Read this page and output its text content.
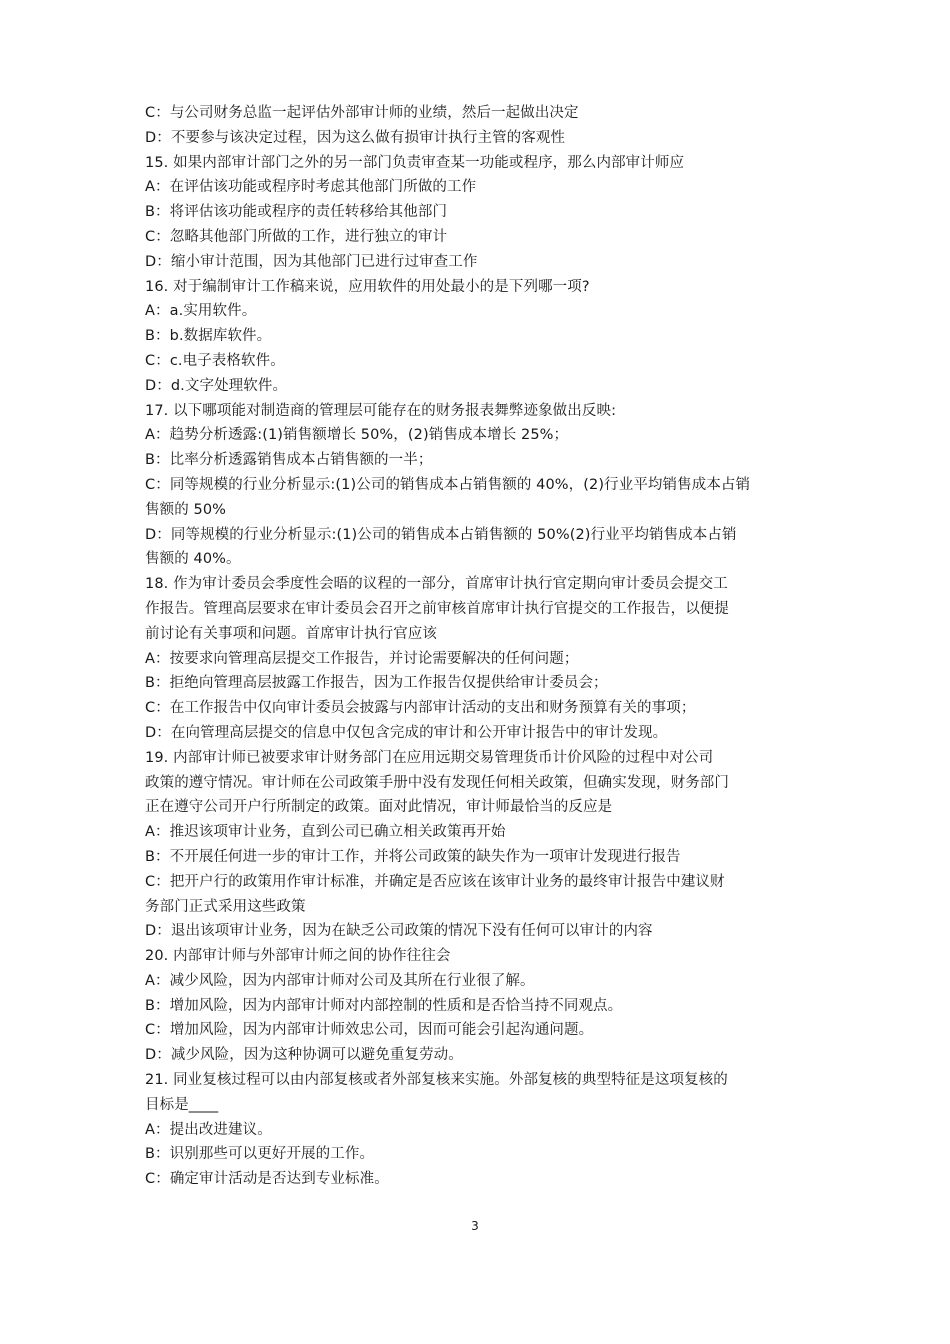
C：与公司财务总监一起评估外部审计师的业绩，然后一起做出决定
D：不要参与该决定过程，因为这么做有损审计执行主管的客观性
15. 如果内部审计部门之外的另一部门负责审查某一功能或程序，那么内部审计师应
A：在评估该功能或程序时考虑其他部门所做的工作
B：将评估该功能或程序的责任转移给其他部门
C：忽略其他部门所做的工作，进行独立的审计
D：缩小审计范围，因为其他部门已进行过审查工作
16. 对于编制审计工作稿来说，应用软件的用处最小的是下列哪一项?
A：a.实用软件。
B：b.数据库软件。
C：c.电子表格软件。
D：d.文字处理软件。
17. 以下哪项能对制造商的管理层可能存在的财务报表舞弊迹象做出反映:
A：趋势分析透露:(1)销售额增长 50%，(2)销售成本增长 25%；
B：比率分析透露销售成本占销售额的一半；
C：同等规模的行业分析显示:(1)公司的销售成本占销售额的 40%，(2)行业平均销售成本占销
售额的 50%
D：同等规模的行业分析显示:(1)公司的销售成本占销售额的 50%(2)行业平均销售成本占销
售额的 40%。
18. 作为审计委员会季度性会晤的议程的一部分，首席审计执行官定期向审计委员会提交工
作报告。管理高层要求在审计委员会召开之前审核首席审计执行官提交的工作报告，以便提
前讨论有关事项和问题。首席审计执行官应该
A：按要求向管理高层提交工作报告，并讨论需要解决的任何问题；
B：拒绝向管理高层披露工作报告，因为工作报告仅提供给审计委员会；
C：在工作报告中仅向审计委员会披露与内部审计活动的支出和财务预算有关的事项；
D：在向管理高层提交的信息中仅包含完成的审计和公开审计报告中的审计发现。
19. 内部审计师已被要求审计财务部门在应用远期交易管理货币计价风险的过程中对公司
政策的遵守情况。审计师在公司政策手册中没有发现任何相关政策，但确实发现，财务部门
正在遵守公司开户行所制定的政策。面对此情况，审计师最恰当的反应是
A：推迟该项审计业务，直到公司已确立相关政策再开始
B：不开展任何进一步的审计工作，并将公司政策的缺失作为一项审计发现进行报告
C：把开户行的政策用作审计标准，并确定是否应该在该审计业务的最终审计报告中建议财
务部门正式采用这些政策
D：退出该项审计业务，因为在缺乏公司政策的情况下没有任何可以审计的内容
20. 内部审计师与外部审计师之间的协作往往会
A：减少风险，因为内部审计师对公司及其所在行业很了解。
B：增加风险，因为内部审计师对内部控制的性质和是否恰当持不同观点。
C：增加风险，因为内部审计师效忠公司，因而可能会引起沟通问题。
D：减少风险，因为这种协调可以避免重复劳动。
21. 同业复核过程可以由内部复核或者外部复核来实施。外部复核的典型特征是这项复核的
目标是____
A：提出改进建议。
B：识别那些可以更好开展的工作。
C：确定审计活动是否达到专业标准。
3
